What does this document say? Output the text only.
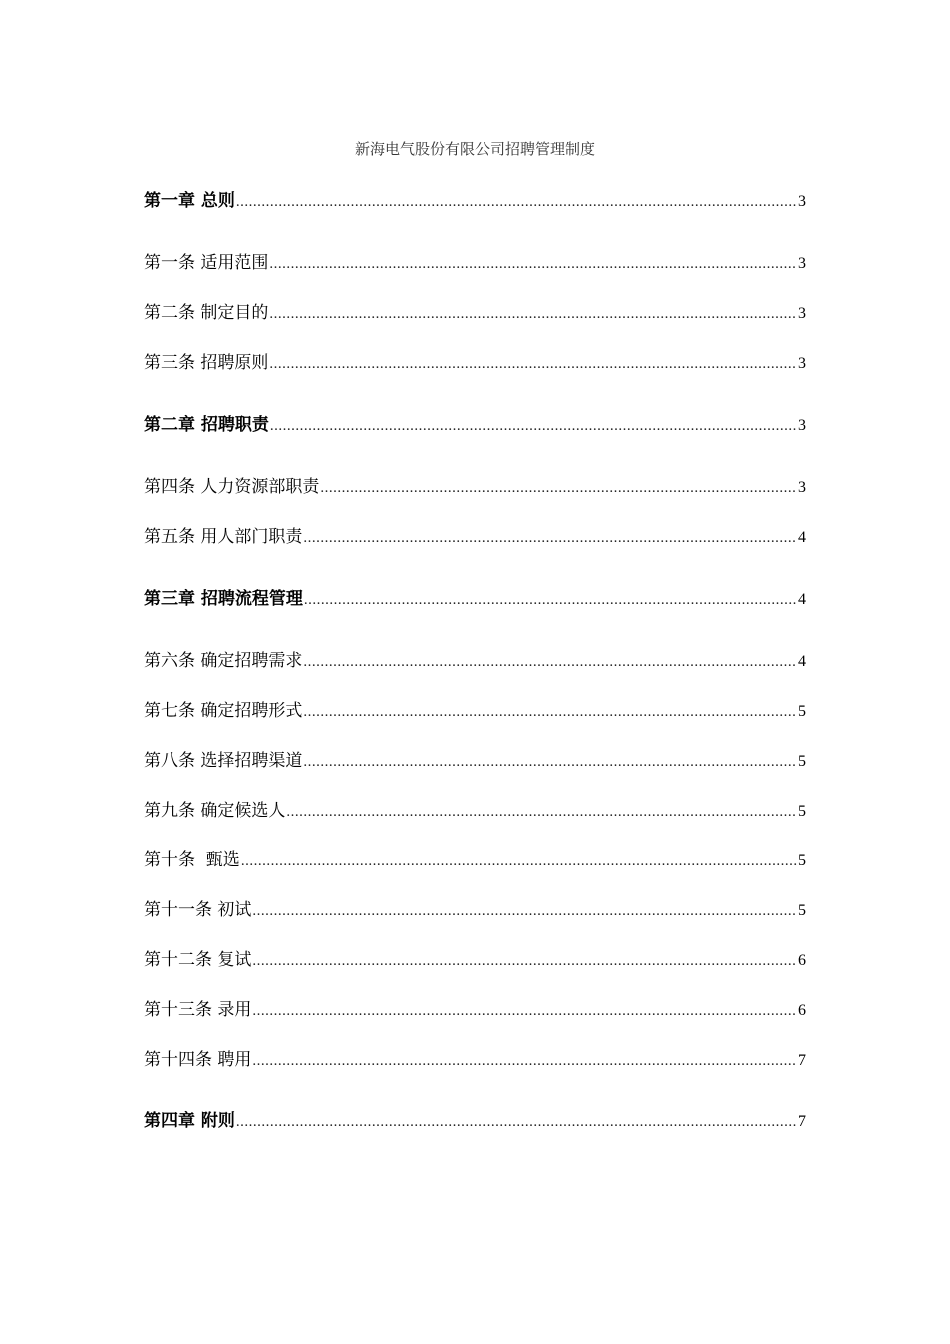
新海电气股份有限公司招聘管理制度
第一章 总则 .....	3
第一条 适用范围 .....	3
第二条 制定目的 .....	3
第三条 招聘原则 .....	3
第二章 招聘职责 .....	3
第四条 人力资源部职责 .....	3
第五条 用人部门职责 .....	4
第三章 招聘流程管理 .....	4
第六条 确定招聘需求 .....	4
第七条 确定招聘形式 .....	5
第八条 选择招聘渠道 .....	5
第九条 确定候选人 .....	5
第十条  甄选 .....	5
第十一条 初试 .....	5
第十二条 复试 .....	6
第十三条 录用 .....	6
第十四条 聘用 .....	7
第四章 附则 .....	7
